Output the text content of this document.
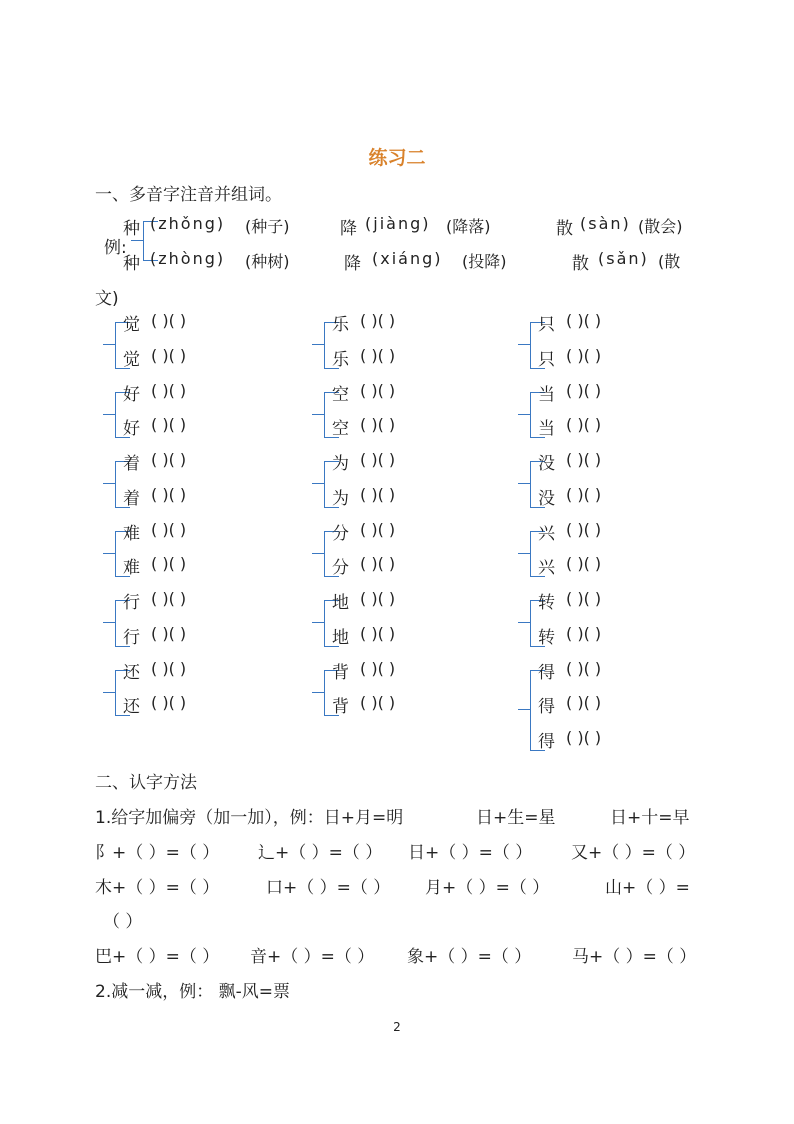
练习二
一、多音字注音并组词。
例:
种 (zhǒng) (种子)	降 (jiàng) (降落)	散 (sàn) (散会)
种 (zhòng) (种树)	降 (xiáng) (投降)	散 (sǎn) (散
文)
觉 ( )( )
觉 ( )( )
乐 ( )( )
乐 ( )( )
只 ( )( )
只 ( )( )
好 ( )( )
好 ( )( )
空 ( )( )
空 ( )( )
当 ( )( )
当 ( )( )
着 ( )( )
着 ( )( )
为 ( )( )
为 ( )( )
没 ( )( )
没 ( )( )
难 ( )( )
难 ( )( )
分 ( )( )
分 ( )( )
兴 ( )( )
兴 ( )( )
行 ( )( )
行 ( )( )
地 ( )( )
地 ( )( )
转 ( )( )
转 ( )( )
还 ( )( )
还 ( )( )
背 ( )( )
背 ( )( )
得 ( )( )
得 ( )( )
得 ( )( )
二、认字方法
1.给字加偏旁（加一加），例：日+月=明	日+生=星	日+十=早
阝+（ ）=（ ） 辶+（ ）=（ ） 日+（ ）=（ ） 又+（ ）=（ ）
木+（ ）=（ ）	口+（ ）=（ ） 月+（ ）=（ ）	山+（ ）=
（ ）
巴+（ ）=（ ） 音+（ ）=（ ） 象+（ ）=（ ） 马+（ ）=（ ）
2.减一减，例： 飘-风=票
2
